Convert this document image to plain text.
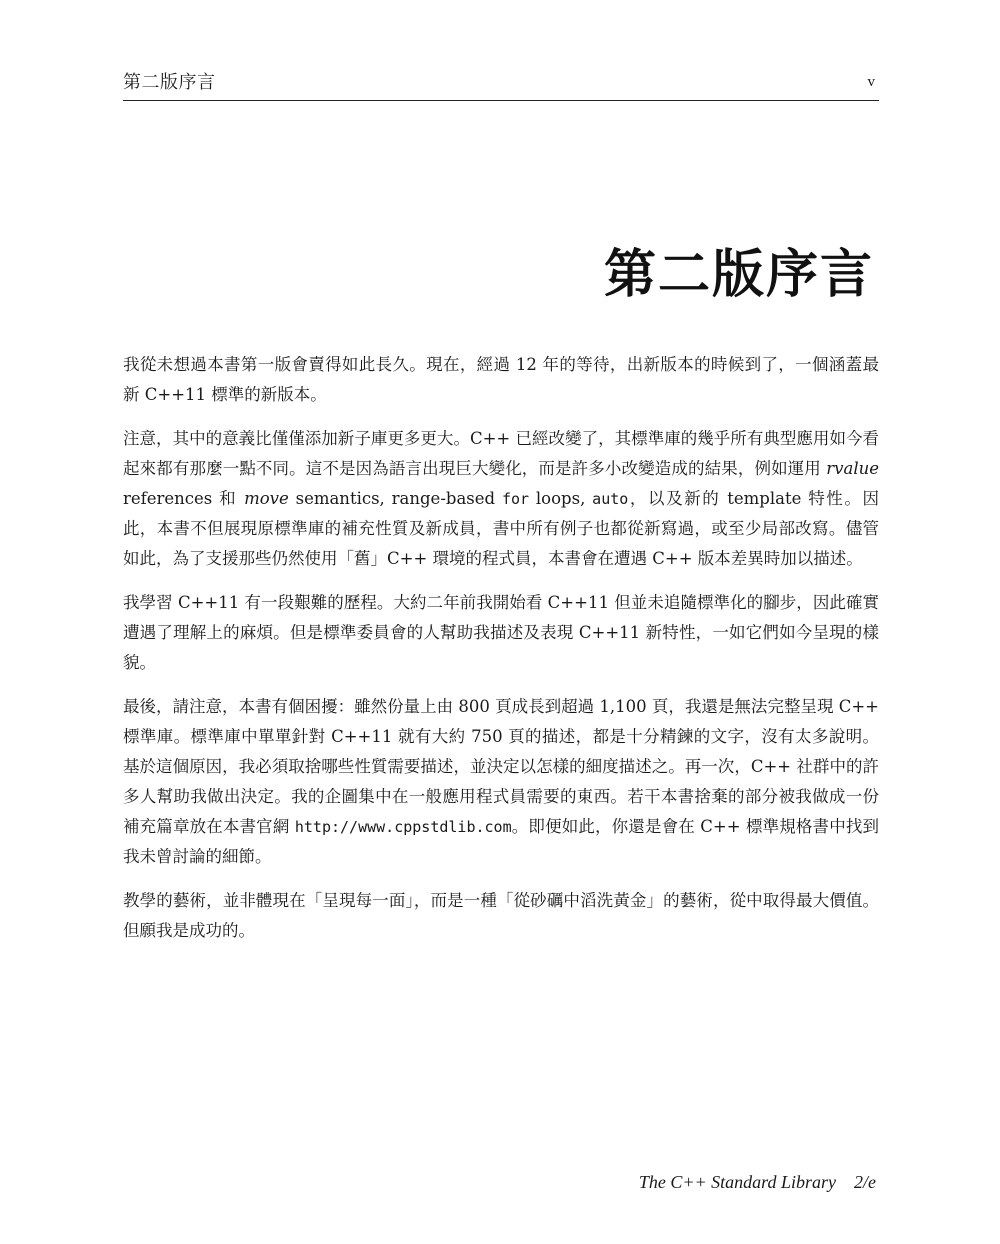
第二版序言	v
第二版序言

我從未想過本書第一版會賣得如此長久。現在，經過 12 年的等待，出新版本的時候到了，一個涵蓋最新 C++11 標準的新版本。

注意，其中的意義比僅僅添加新子庫更多更大。C++ 已經改變了，其標準庫的幾乎所有典型應用如今看起來都有那麼一點不同。這不是因為語言出現巨大變化，而是許多小改變造成的結果，例如運用 rvalue references 和 move semantics, range-based for loops, auto，以及新的 template 特性。因此，本書不但展現原標準庫的補充性質及新成員，書中所有例子也都從新寫過，或至少局部改寫。儘管如此，為了支援那些仍然使用「舊」C++ 環境的程式員，本書會在遭遇 C++ 版本差異時加以描述。

我學習 C++11 有一段艱難的歷程。大約二年前我開始看 C++11 但並未追隨標準化的腳步，因此確實遭遇了理解上的麻煩。但是標準委員會的人幫助我描述及表現 C++11 新特性，一如它們如今呈現的樣貌。

最後，請注意，本書有個困擾：雖然份量上由 800 頁成長到超過 1,100 頁，我還是無法完整呈現 C++ 標準庫。標準庫中單單針對 C++11 就有大約 750 頁的描述，都是十分精鍊的文字，沒有太多說明。基於這個原因，我必須取捨哪些性質需要描述，並決定以怎樣的細度描述之。再一次，C++ 社群中的許多人幫助我做出決定。我的企圖集中在一般應用程式員需要的東西。若干本書捨棄的部分被我做成一份補充篇章放在本書官網 http://www.cppstdlib.com。即便如此，你還是會在 C++ 標準規格書中找到我未曾討論的細節。

教學的藝術，並非體現在「呈現每一面」，而是一種「從砂礪中滔洗黃金」的藝術，從中取得最大價值。但願我是成功的。

The C++ Standard Library    2/e
